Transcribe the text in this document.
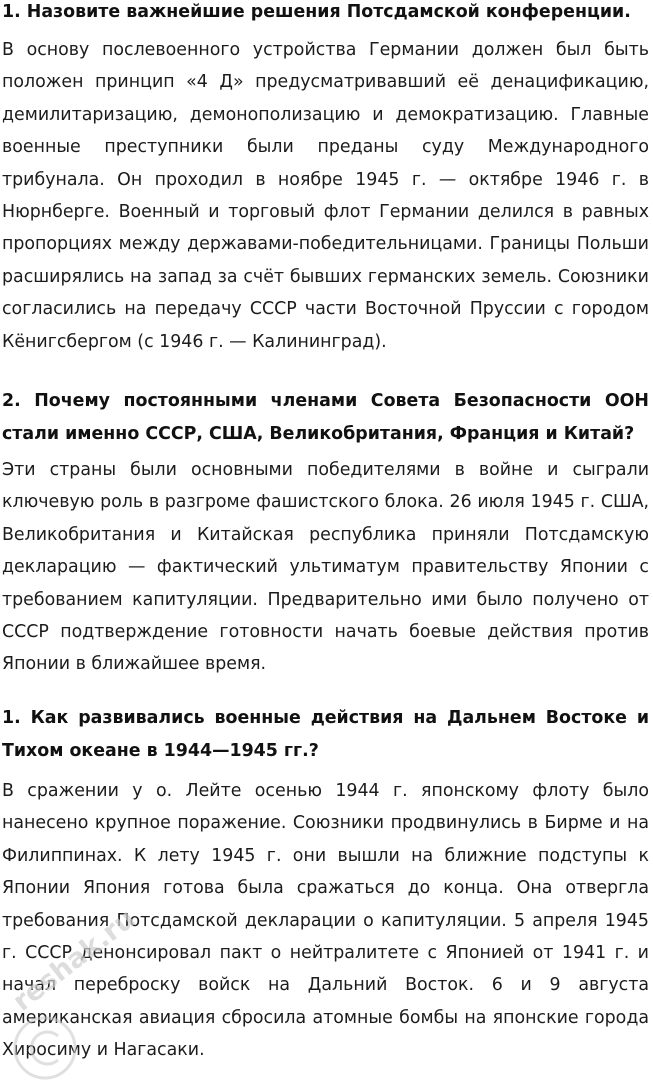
1. Назовите важнейшие решения Потсдамской конференции.

В основу послевоенного устройства Германии должен был быть положен принцип «4 Д» предусматривавший её денацификацию, демилитаризацию, демонополизацию и демократизацию. Главные военные преступники были преданы суду Международного трибунала. Он проходил в ноябре 1945 г. — октябре 1946 г. в Нюрнберге. Военный и торговый флот Германии делился в равных пропорциях между державами-победительницами. Границы Польши расширялись на запад за счёт бывших германских земель. Союзники согласились на передачу СССР части Восточной Пруссии с городом Кёнигсбергом (с 1946 г. — Калининград).

2. Почему постоянными членами Совета Безопасности ООН стали именно СССР, США, Великобритания, Франция и Китай?

Эти страны были основными победителями в войне и сыграли ключевую роль в разгроме фашистского блока. 26 июля 1945 г. США, Великобритания и Китайская республика приняли Потсдамскую декларацию — фактический ультиматум правительству Японии с требованием капитуляции. Предварительно ими было получено от СССР подтверждение готовности начать боевые действия против Японии в ближайшее время.

1. Как развивались военные действия на Дальнем Востоке и Тихом океане в 1944—1945 гг.?

В сражении у о. Лейте осенью 1944 г. японскому флоту было нанесено крупное поражение. Союзники продвинулись в Бирме и на Филиппинах. К лету 1945 г. они вышли на ближние подступы к Японии Япония готова была сражаться до конца. Она отвергла требования Потсдамской декларации о капитуляции. 5 апреля 1945 г. СССР денонсировал пакт о нейтралитете с Японией от 1941 г. и начал переброску войск на Дальний Восток. 6 и 9 августа американская авиация сбросила атомные бомбы на японские города Хиросиму и Нагасаки.

reshak.ru
